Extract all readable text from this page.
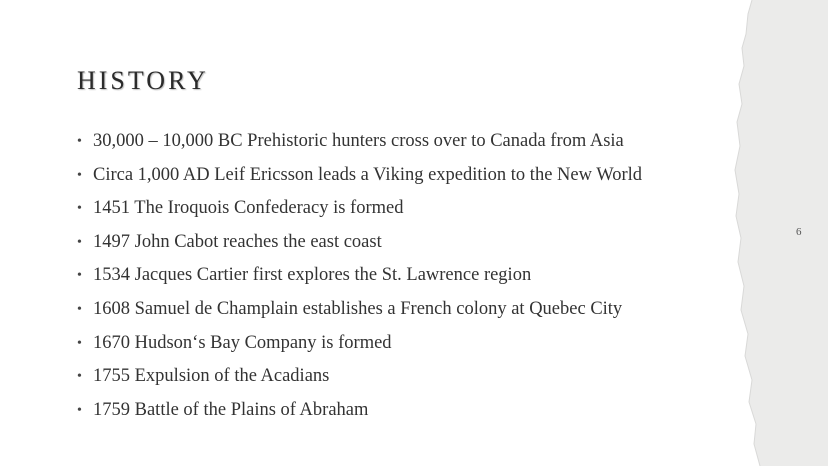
HISTORY
• 30,000 – 10,000 BC Prehistoric hunters cross over to Canada from Asia
• Circa 1,000 AD Leif Ericsson leads a Viking expedition to the New World
• 1451 The Iroquois Confederacy is formed
• 1497 John Cabot reaches the east coast
• 1534 Jacques Cartier first explores the St. Lawrence region
• 1608 Samuel de Champlain establishes a French colony at Quebec City
• 1670 Hudson‘s Bay Company is formed
• 1755 Expulsion of the Acadians
• 1759 Battle of the Plains of Abraham
6
